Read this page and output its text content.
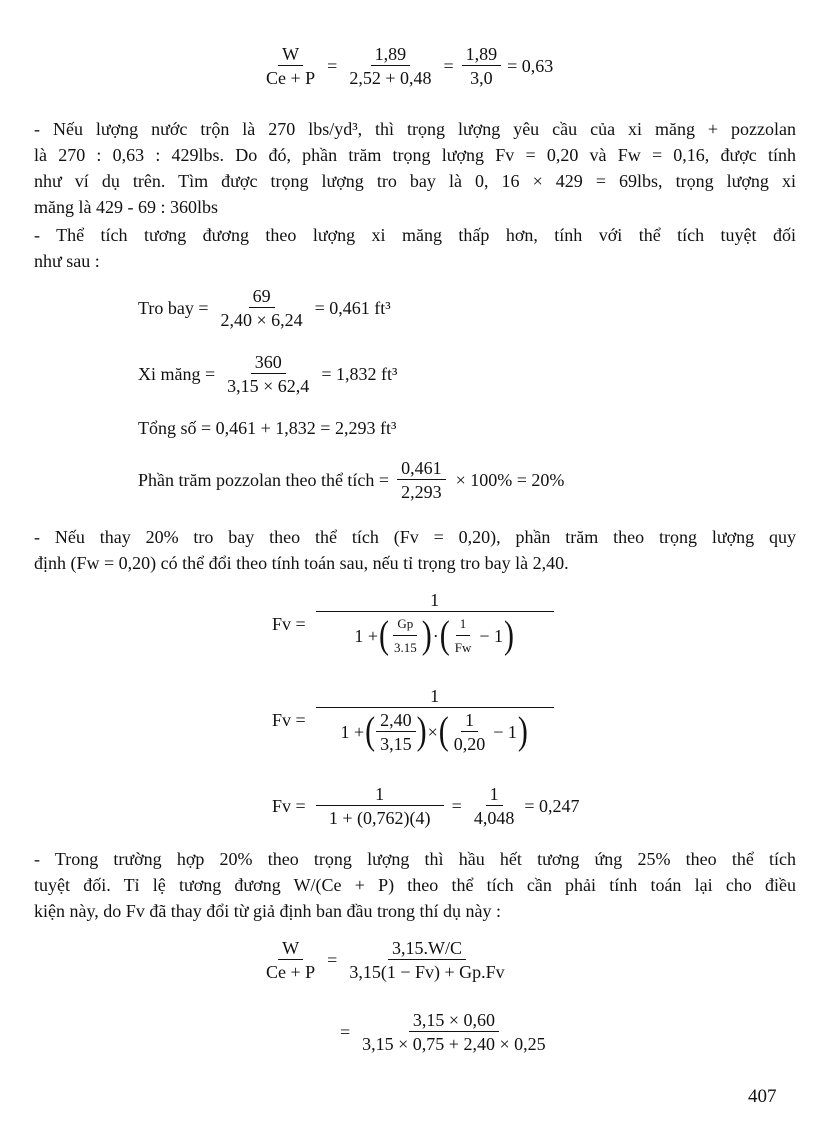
$\frac{W}{Ce + P} = \frac{1,89}{2,52 + 0,48} = \frac{1,89}{3,0} = 0,63$
- Nếu lượng nước trộn là 270 lbs/yd³, thì trọng lượng yêu cầu của xi măng + pozzolan
là 270 : 0,63 : 429lbs. Do đó, phần trăm trọng lượng Fv = 0,20 và Fw = 0,16, được tính
như ví dụ trên. Tìm được trọng lượng tro bay là 0, 16 × 429 = 69lbs, trọng lượng xi
măng là 429 - 69 : 360lbs
- Thể tích tương đương theo lượng xi măng thấp hơn, tính với thể tích tuyệt đối
như sau :
Tro bay = $\frac{69}{2,40 \times 6,24} = 0,461$ ft³
Xi măng = $\frac{360}{3,15 \times 62,4} = 1,832$ ft³
Tổng số = 0,461 + 1,832 = 2,293 ft³
Phần trăm pozzolan theo thể tích = $\frac{0,461}{2,293} \times 100\% = 20\%$
- Nếu thay 20% tro bay theo thể tích (Fv = 0,20), phần trăm theo trọng lượng quy
định (Fw = 0,20) có thể đổi theo tính toán sau, nếu tỉ trọng tro bay là 2,40.
Fv =
1
1 + ( $\frac{Gp}{3.15}$ ) · ( $\frac{1}{Fw} - 1$ )
Fv =
1
1 + ( $\frac{2,40}{3,15}$ ) × ( $\frac{1}{0,20} - 1$ )
$Fv = \frac{1}{1 + (0,762)(4)} = \frac{1}{4,048} = 0,247$
- Trong trường hợp 20% theo trọng lượng thì hầu hết tương ứng 25% theo thể tích
tuyệt đối. Tỉ lệ tương đương W/(Ce + P) theo thể tích cần phải tính toán lại cho điều
kiện này, do Fv đã thay đổi từ giả định ban đầu trong thí dụ này :
$\frac{W}{Ce + P} = \frac{3,15.W/C}{3,15(1 - Fv) + Gp.Fv}$
= $\frac{3,15 \times 0,60}{3,15 \times 0,75 + 2,40 \times 0,25}$
407
